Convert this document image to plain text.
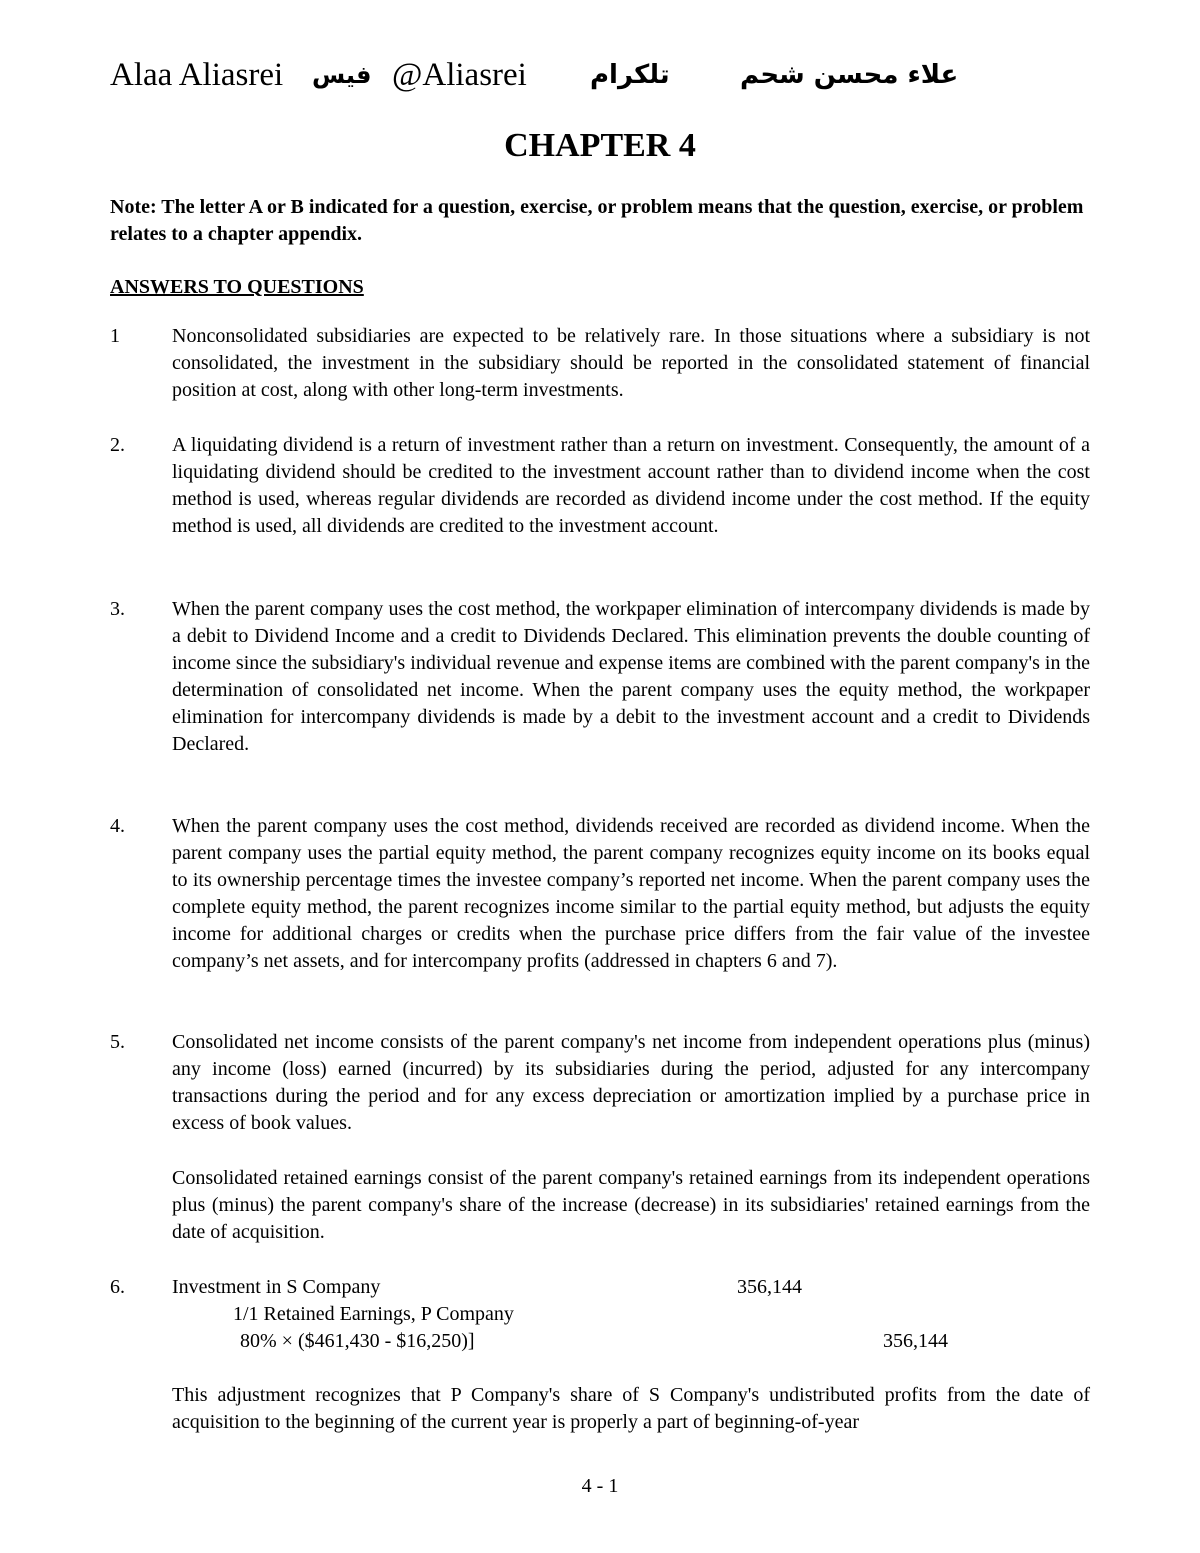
Alaa Aliasrei فيس @Aliasrei تلكرام	علاء محسن شحم
CHAPTER 4
Note: The letter A or B indicated for a question, exercise, or problem means that the question, exercise, or problem relates to a chapter appendix.
ANSWERS TO QUESTIONS
1	Nonconsolidated subsidiaries are expected to be relatively rare. In those situations where a subsidiary is not consolidated, the investment in the subsidiary should be reported in the consolidated statement of financial position at cost, along with other long-term investments.
2. A liquidating dividend is a return of investment rather than a return on investment. Consequently, the amount of a liquidating dividend should be credited to the investment account rather than to dividend income when the cost method is used, whereas regular dividends are recorded as dividend income under the cost method. If the equity method is used, all dividends are credited to the investment account.
3. When the parent company uses the cost method, the workpaper elimination of intercompany dividends is made by a debit to Dividend Income and a credit to Dividends Declared. This elimination prevents the double counting of income since the subsidiary's individual revenue and expense items are combined with the parent company's in the determination of consolidated net income. When the parent company uses the equity method, the workpaper elimination for intercompany dividends is made by a debit to the investment account and a credit to Dividends Declared.
4. When the parent company uses the cost method, dividends received are recorded as dividend income. When the parent company uses the partial equity method, the parent company recognizes equity income on its books equal to its ownership percentage times the investee company’s reported net income. When the parent company uses the complete equity method, the parent recognizes income similar to the partial equity method, but adjusts the equity income for additional charges or credits when the purchase price differs from the fair value of the investee company’s net assets, and for intercompany profits (addressed in chapters 6 and 7).
5. Consolidated net income consists of the parent company's net income from independent operations plus (minus) any income (loss) earned (incurred) by its subsidiaries during the period, adjusted for any intercompany transactions during the period and for any excess depreciation or amortization implied by a purchase price in excess of book values.
Consolidated retained earnings consist of the parent company's retained earnings from its independent operations plus (minus) the parent company's share of the increase (decrease) in its subsidiaries' retained earnings from the date of acquisition.
6. Investment in S Company	356,144
1/1 Retained Earnings, P Company
80% × ($461,430 - $16,250)]	356,144
This adjustment recognizes that P Company's share of S Company's undistributed profits from the date of acquisition to the beginning of the current year is properly a part of beginning-of-year
4 - 1
